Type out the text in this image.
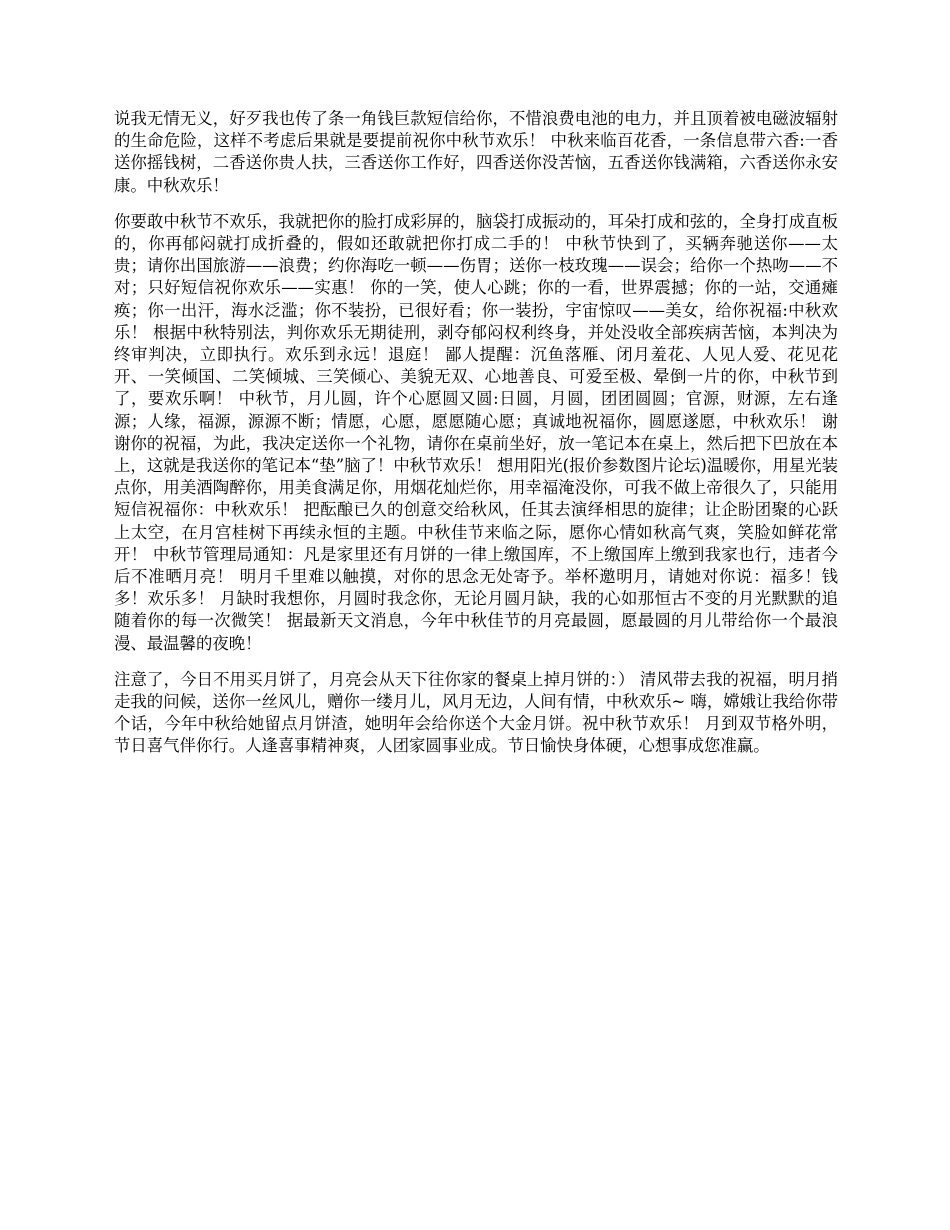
说我无情无义，好歹我也传了条一角钱巨款短信给你，不惜浪费电池的电力，并且顶着被电磁波辐射的生命危险，这样不考虑后果就是要提前祝你中秋节欢乐！ 中秋来临百花香，一条信息带六香:一香送你摇钱树，二香送你贵人扶，三香送你工作好，四香送你没苦恼，五香送你钱满箱，六香送你永安康。中秋欢乐！

你要敢中秋节不欢乐，我就把你的脸打成彩屏的，脑袋打成振动的，耳朵打成和弦的，全身打成直板的，你再郁闷就打成折叠的，假如还敢就把你打成二手的！ 中秋节快到了，买辆奔驰送你——太贵；请你出国旅游——浪费；约你海吃一顿——伤胃；送你一枝玫瑰——误会；给你一个热吻——不对；只好短信祝你欢乐——实惠！ 你的一笑，使人心跳；你的一看，世界震撼；你的一站，交通瘫痪；你一出汗，海水泛滥；你不装扮，已很好看；你一装扮，宇宙惊叹——美女，给你祝福:中秋欢乐！ 根据中秋特别法，判你欢乐无期徒刑，剥夺郁闷权利终身，并处没收全部疾病苦恼，本判决为终审判决，立即执行。欢乐到永远！退庭！ 鄙人提醒：沉鱼落雁、闭月羞花、人见人爱、花见花开、一笑倾国、二笑倾城、三笑倾心、美貌无双、心地善良、可爱至极、晕倒一片的你，中秋节到了，要欢乐啊！ 中秋节，月儿圆，许个心愿圆又圆:日圆，月圆，团团圆圆；官源，财源，左右逢源；人缘，福源，源源不断；情愿，心愿，愿愿随心愿；真诚地祝福你，圆愿遂愿，中秋欢乐！ 谢谢你的祝福，为此，我决定送你一个礼物，请你在桌前坐好，放一笔记本在桌上，然后把下巴放在本上，这就是我送你的笔记本“垫”脑了！中秋节欢乐！ 想用阳光(报价参数图片论坛)温暖你，用星光装点你，用美酒陶醉你，用美食满足你，用烟花灿烂你，用幸福淹没你，可我不做上帝很久了，只能用短信祝福你：中秋欢乐！ 把酝酿已久的创意交给秋风，任其去演绎相思的旋律；让企盼团聚的心跃上太空，在月宫桂树下再续永恒的主题。中秋佳节来临之际，愿你心情如秋高气爽，笑脸如鲜花常开！ 中秋节管理局通知：凡是家里还有月饼的一律上缴国库，不上缴国库上缴到我家也行，违者今后不准晒月亮！ 明月千里难以触摸，对你的思念无处寄予。举杯邀明月，请她对你说：福多！钱多！欢乐多！ 月缺时我想你，月圆时我念你，无论月圆月缺，我的心如那恒古不变的月光默默的追随着你的每一次微笑！ 据最新天文消息，今年中秋佳节的月亮最圆，愿最圆的月儿带给你一个最浪漫、最温馨的夜晚！

注意了，今日不用买月饼了，月亮会从天下往你家的餐桌上掉月饼的：） 清风带去我的祝福，明月捎走我的问候，送你一丝风儿，赠你一缕月儿，风月无边，人间有情，中秋欢乐~ 嗨，嫦娥让我给你带个话，今年中秋给她留点月饼渣，她明年会给你送个大金月饼。祝中秋节欢乐！ 月到双节格外明，节日喜气伴你行。人逢喜事精神爽，人团家圆事业成。节日愉快身体硬，心想事成您准赢。
